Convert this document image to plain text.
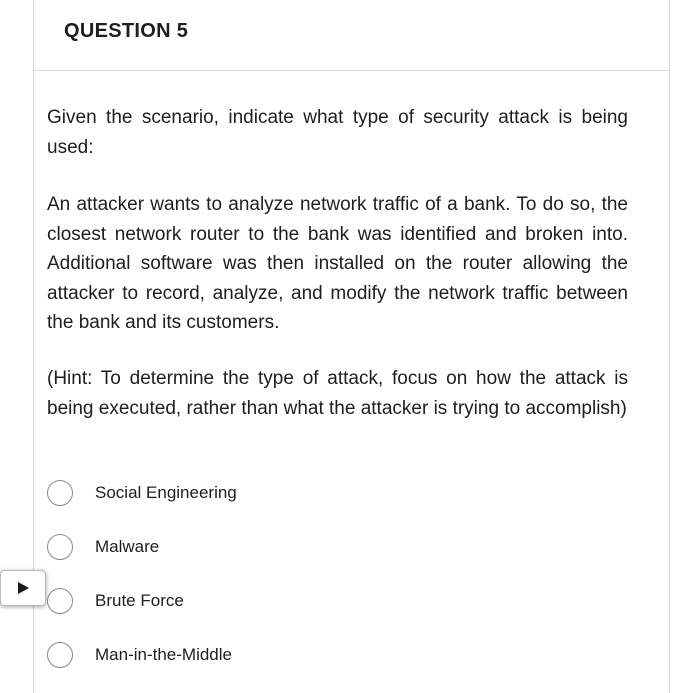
QUESTION 5
Given the scenario, indicate what type of security attack is being used:
An attacker wants to analyze network traffic of a bank. To do so, the closest network router to the bank was identified and broken into. Additional software was then installed on the router allowing the attacker to record, analyze, and modify the network traffic between the bank and its customers.
(Hint: To determine the type of attack, focus on how the attack is being executed, rather than what the attacker is trying to accomplish)
Social Engineering
Malware
Brute Force
Man-in-the-Middle
